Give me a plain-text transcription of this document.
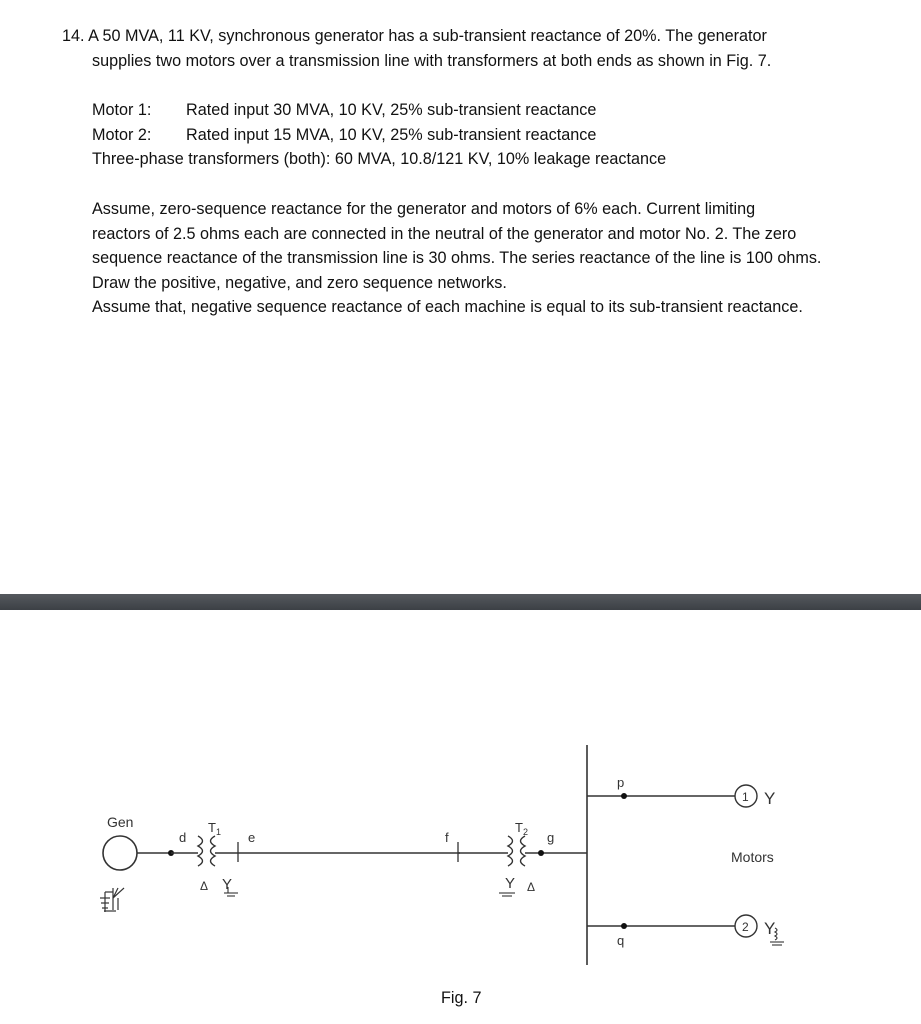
14. A 50 MVA, 11 KV, synchronous generator has a sub-transient reactance of 20%. The generator
supplies two motors over a transmission line with transformers at both ends as shown in Fig. 7.
Motor 1: Rated input 30 MVA, 10 KV, 25% sub-transient reactance
Motor 2: Rated input 15 MVA, 10 KV, 25% sub-transient reactance
Three-phase transformers (both): 60 MVA, 10.8/121 KV, 10% leakage reactance
Assume, zero-sequence reactance for the generator and motors of 6% each. Current limiting
reactors of 2.5 ohms each are connected in the neutral of the generator and motor No. 2. The zero
sequence reactance of the transmission line is 30 ohms. The series reactance of the line is 100 ohms.
Draw the positive, negative, and zero sequence networks.
Assume that, negative sequence reactance of each machine is equal to its sub-transient reactance.
Gen
d
$T_1$
Δ Y
e	f
$T_2$
Y Δ
g
p
1 Y
Motors
q
2 Y
Fig. 7
